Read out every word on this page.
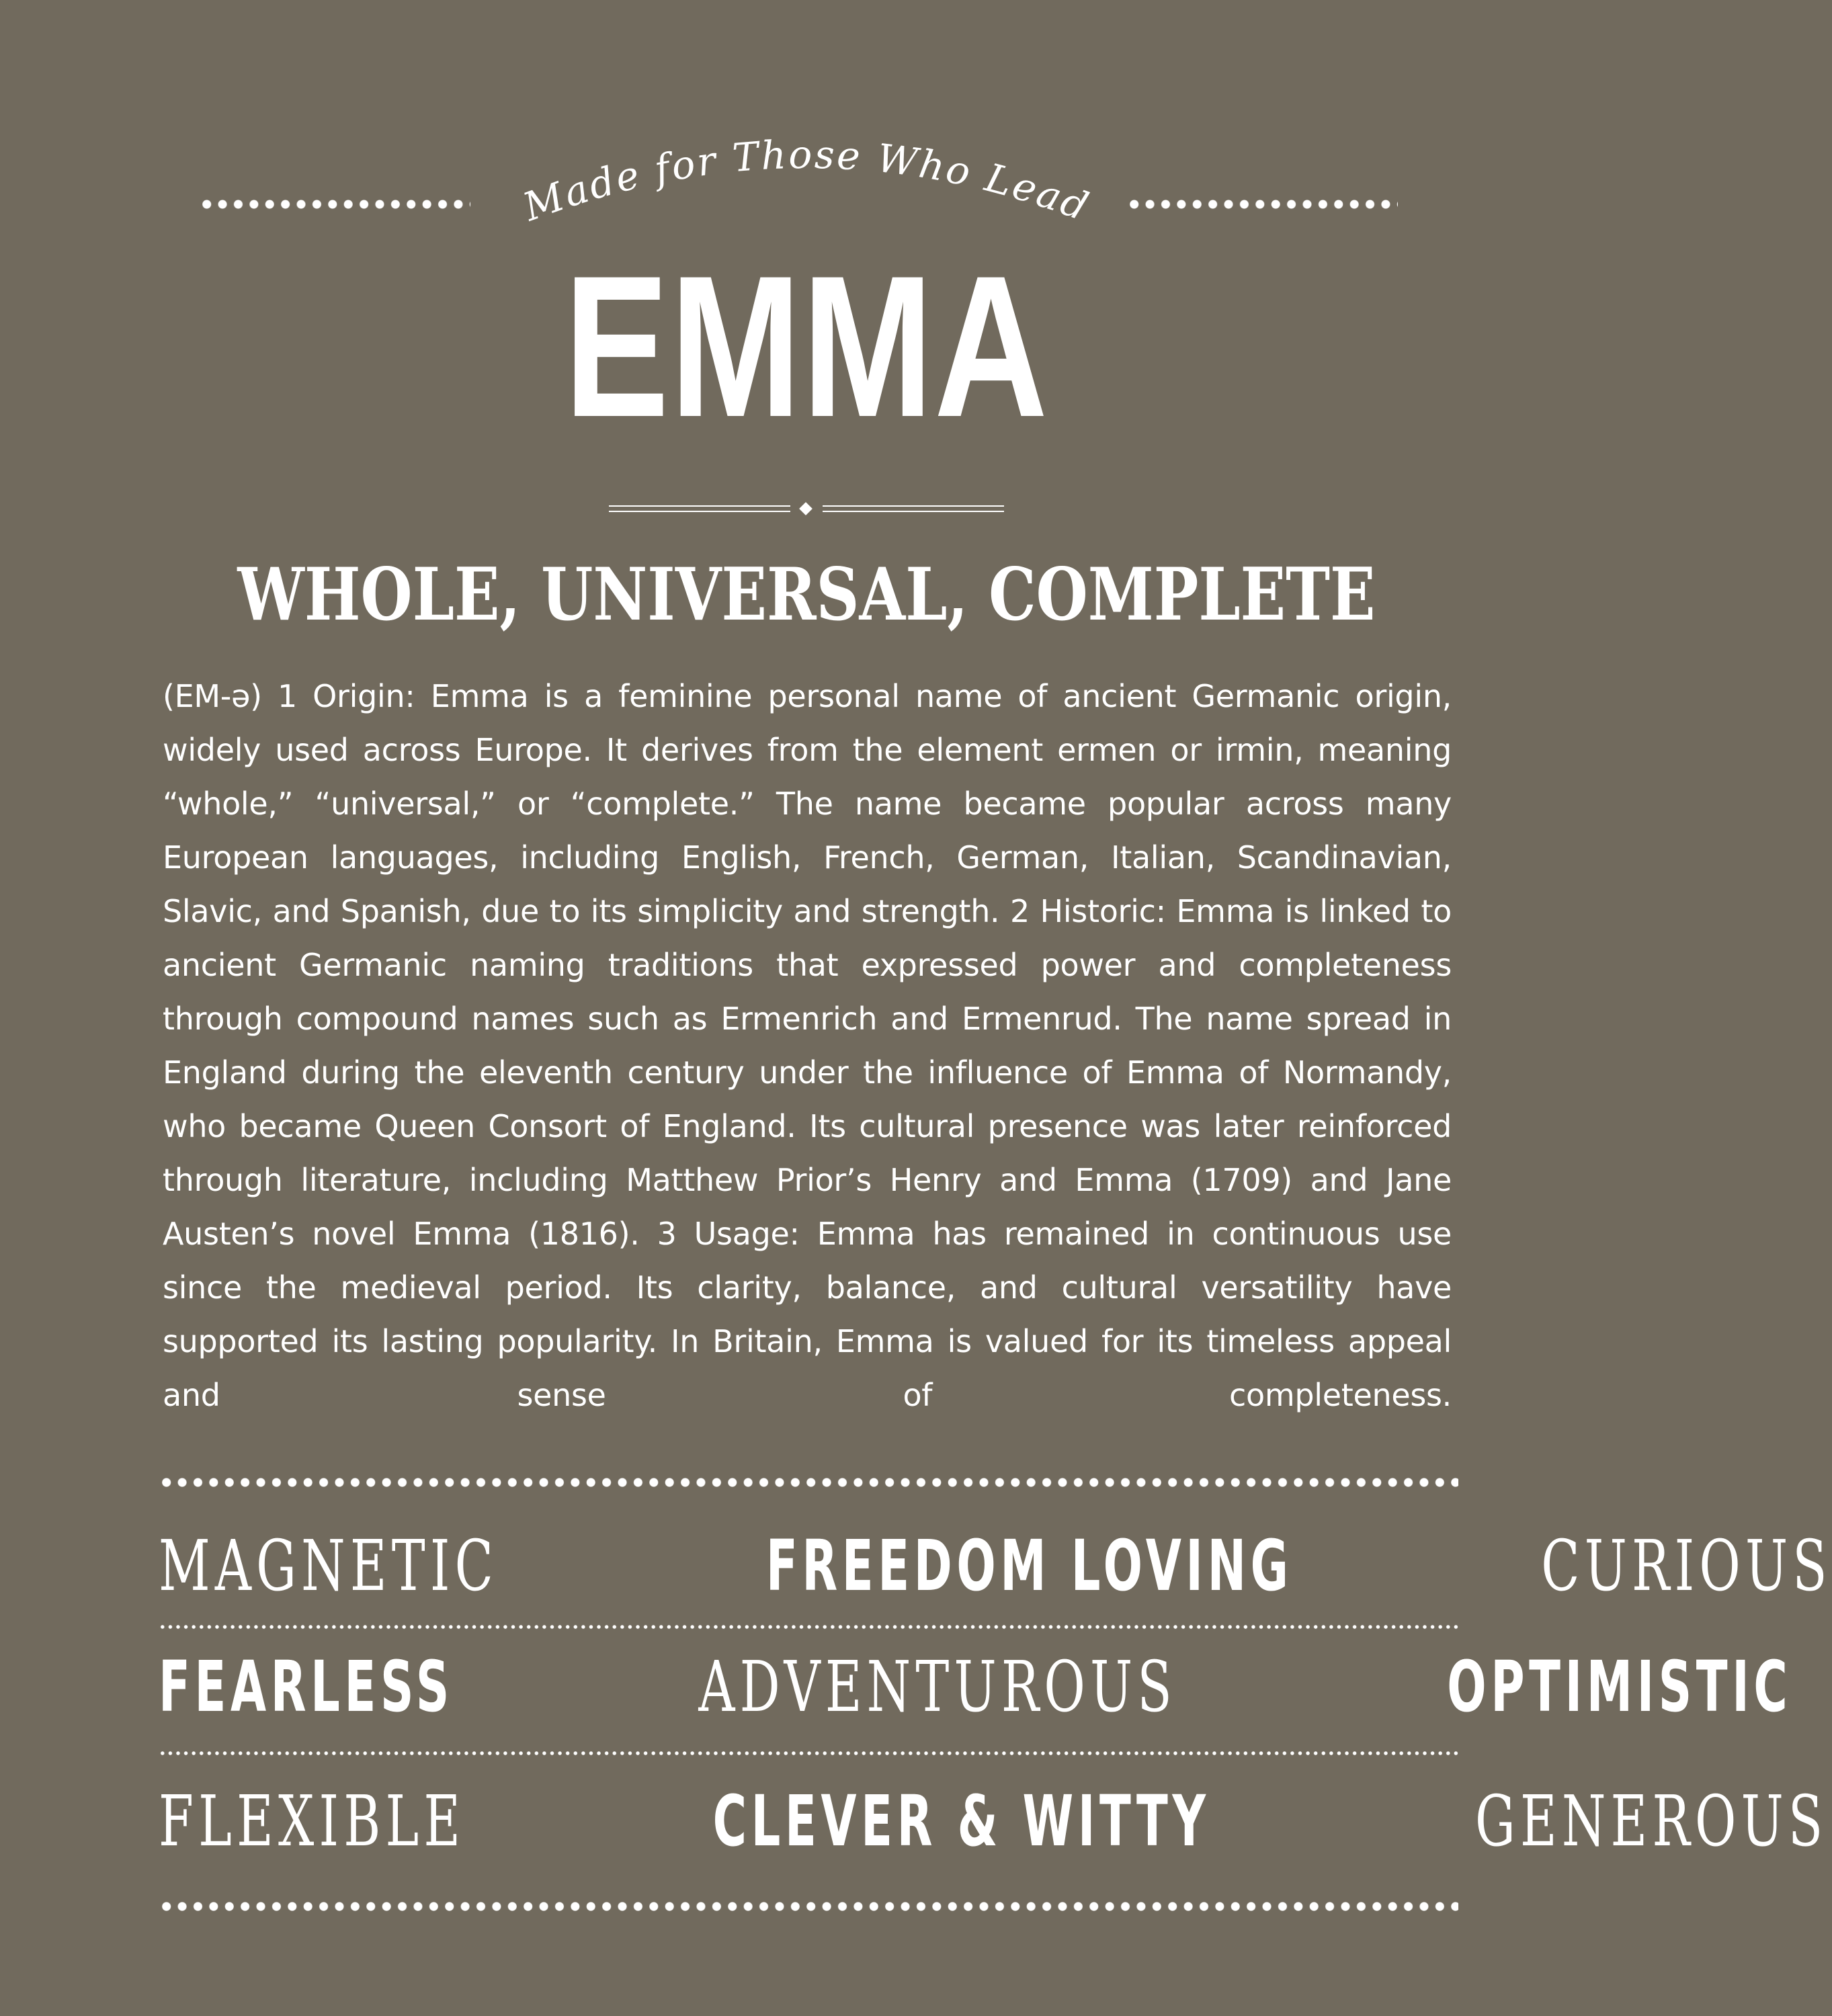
Made for Those Who Lead
EMMA
WHOLE, UNIVERSAL, COMPLETE
(EM-ə) 1 Origin: Emma is a feminine personal name of ancient Germanic origin, widely used across Europe. It derives from the element ermen or irmin, meaning “whole,” “universal,” or “complete.” The name became popular across many European languages, including English, French, German, Italian, Scandinavian, Slavic, and Spanish, due to its simplicity and strength. 2 Historic: Emma is linked to ancient Germanic naming traditions that expressed power and completeness through compound names such as Ermenrich and Ermenrud. The name spread in England during the eleventh century under the influence of Emma of Normandy, who became Queen Consort of England. Its cultural presence was later reinforced through literature, including Matthew Prior’s Henry and Emma (1709) and Jane Austen’s novel Emma (1816). 3 Usage: Emma has remained in continuous use since the medieval period. Its clarity, balance, and cultural versatility have supported its lasting popularity. In Britain, Emma is valued for its timeless appeal and sense of completeness.
MAGNETIC	FREEDOM LOVING	CURIOUS
FEARLESS	ADVENTUROUS	OPTIMISTIC
FLEXIBLE	CLEVER & WITTY	GENEROUS
